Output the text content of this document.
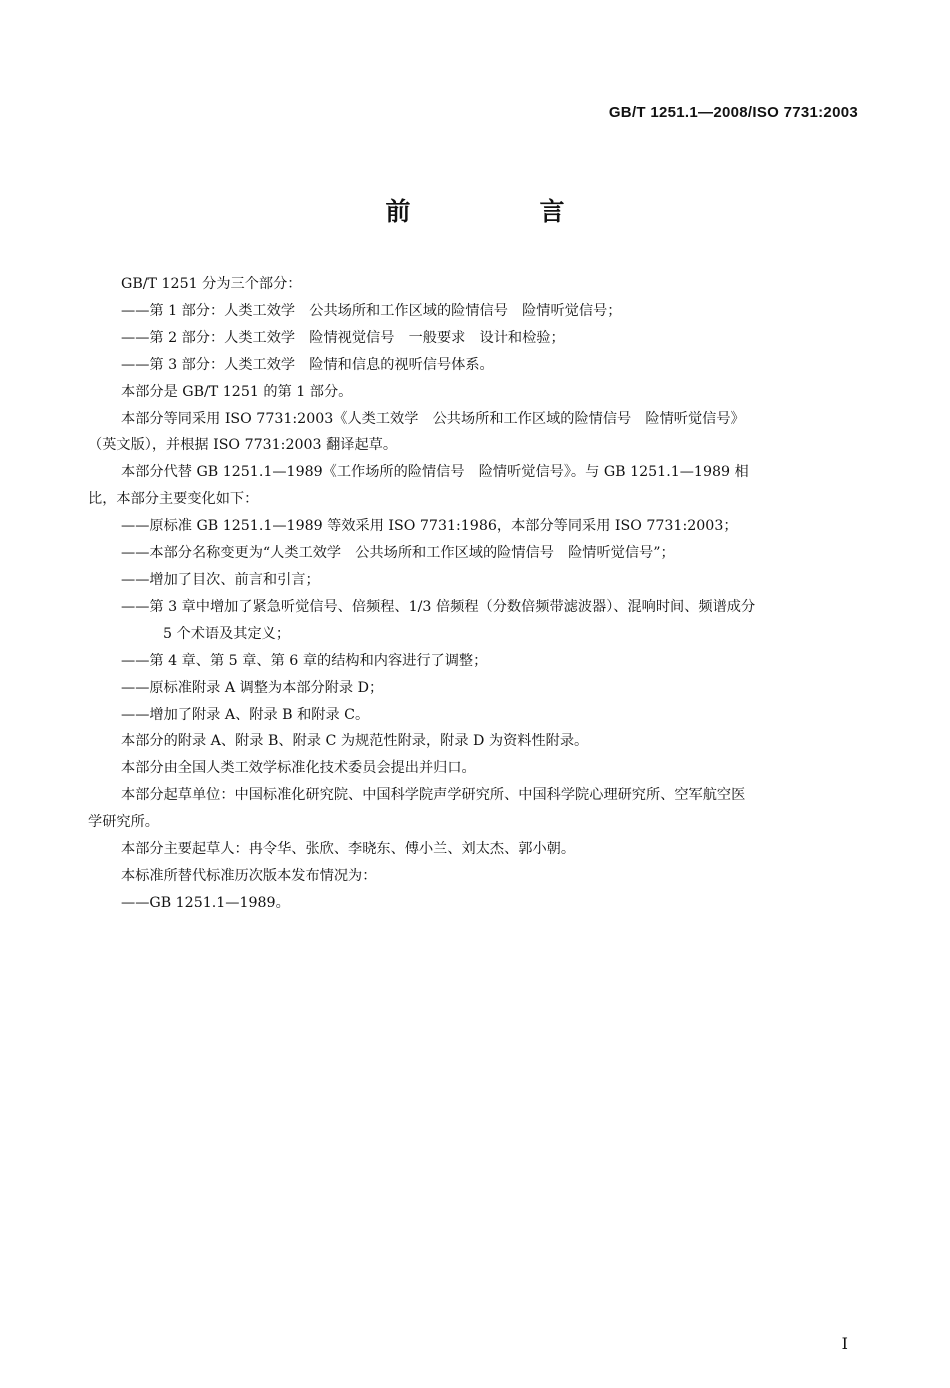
GB/T 1251.1—2008/ISO 7731:2003
前　言

GB/T 1251 分为三个部分：

——第 1 部分：人类工效学　公共场所和工作区域的险情信号　险情听觉信号；

——第 2 部分：人类工效学　险情视觉信号　一般要求　设计和检验；

——第 3 部分：人类工效学　险情和信息的视听信号体系。

本部分是 GB/T 1251 的第 1 部分。

本部分等同采用 ISO 7731:2003《人类工效学　公共场所和工作区域的险情信号　险情听觉信号》

（英文版），并根据 ISO 7731:2003 翻译起草。

本部分代替 GB 1251.1—1989《工作场所的险情信号　险情听觉信号》。与 GB 1251.1—1989 相

比，本部分主要变化如下：

——原标准 GB 1251.1—1989 等效采用 ISO 7731:1986，本部分等同采用 ISO 7731:2003；

——本部分名称变更为“人类工效学　公共场所和工作区域的险情信号　险情听觉信号”；

——增加了目次、前言和引言；

——第 3 章中增加了紧急听觉信号、倍频程、1/3 倍频程（分数倍频带滤波器）、混响时间、频谱成分

5 个术语及其定义；

——第 4 章、第 5 章、第 6 章的结构和内容进行了调整；

——原标准附录 A 调整为本部分附录 D；

——增加了附录 A、附录 B 和附录 C。

本部分的附录 A、附录 B、附录 C 为规范性附录，附录 D 为资料性附录。

本部分由全国人类工效学标准化技术委员会提出并归口。

本部分起草单位：中国标准化研究院、中国科学院声学研究所、中国科学院心理研究所、空军航空医

学研究所。

本部分主要起草人：冉令华、张欣、李晓东、傅小兰、刘太杰、郭小朝。

本标准所替代标准历次版本发布情况为：

——GB 1251.1—1989。

I
